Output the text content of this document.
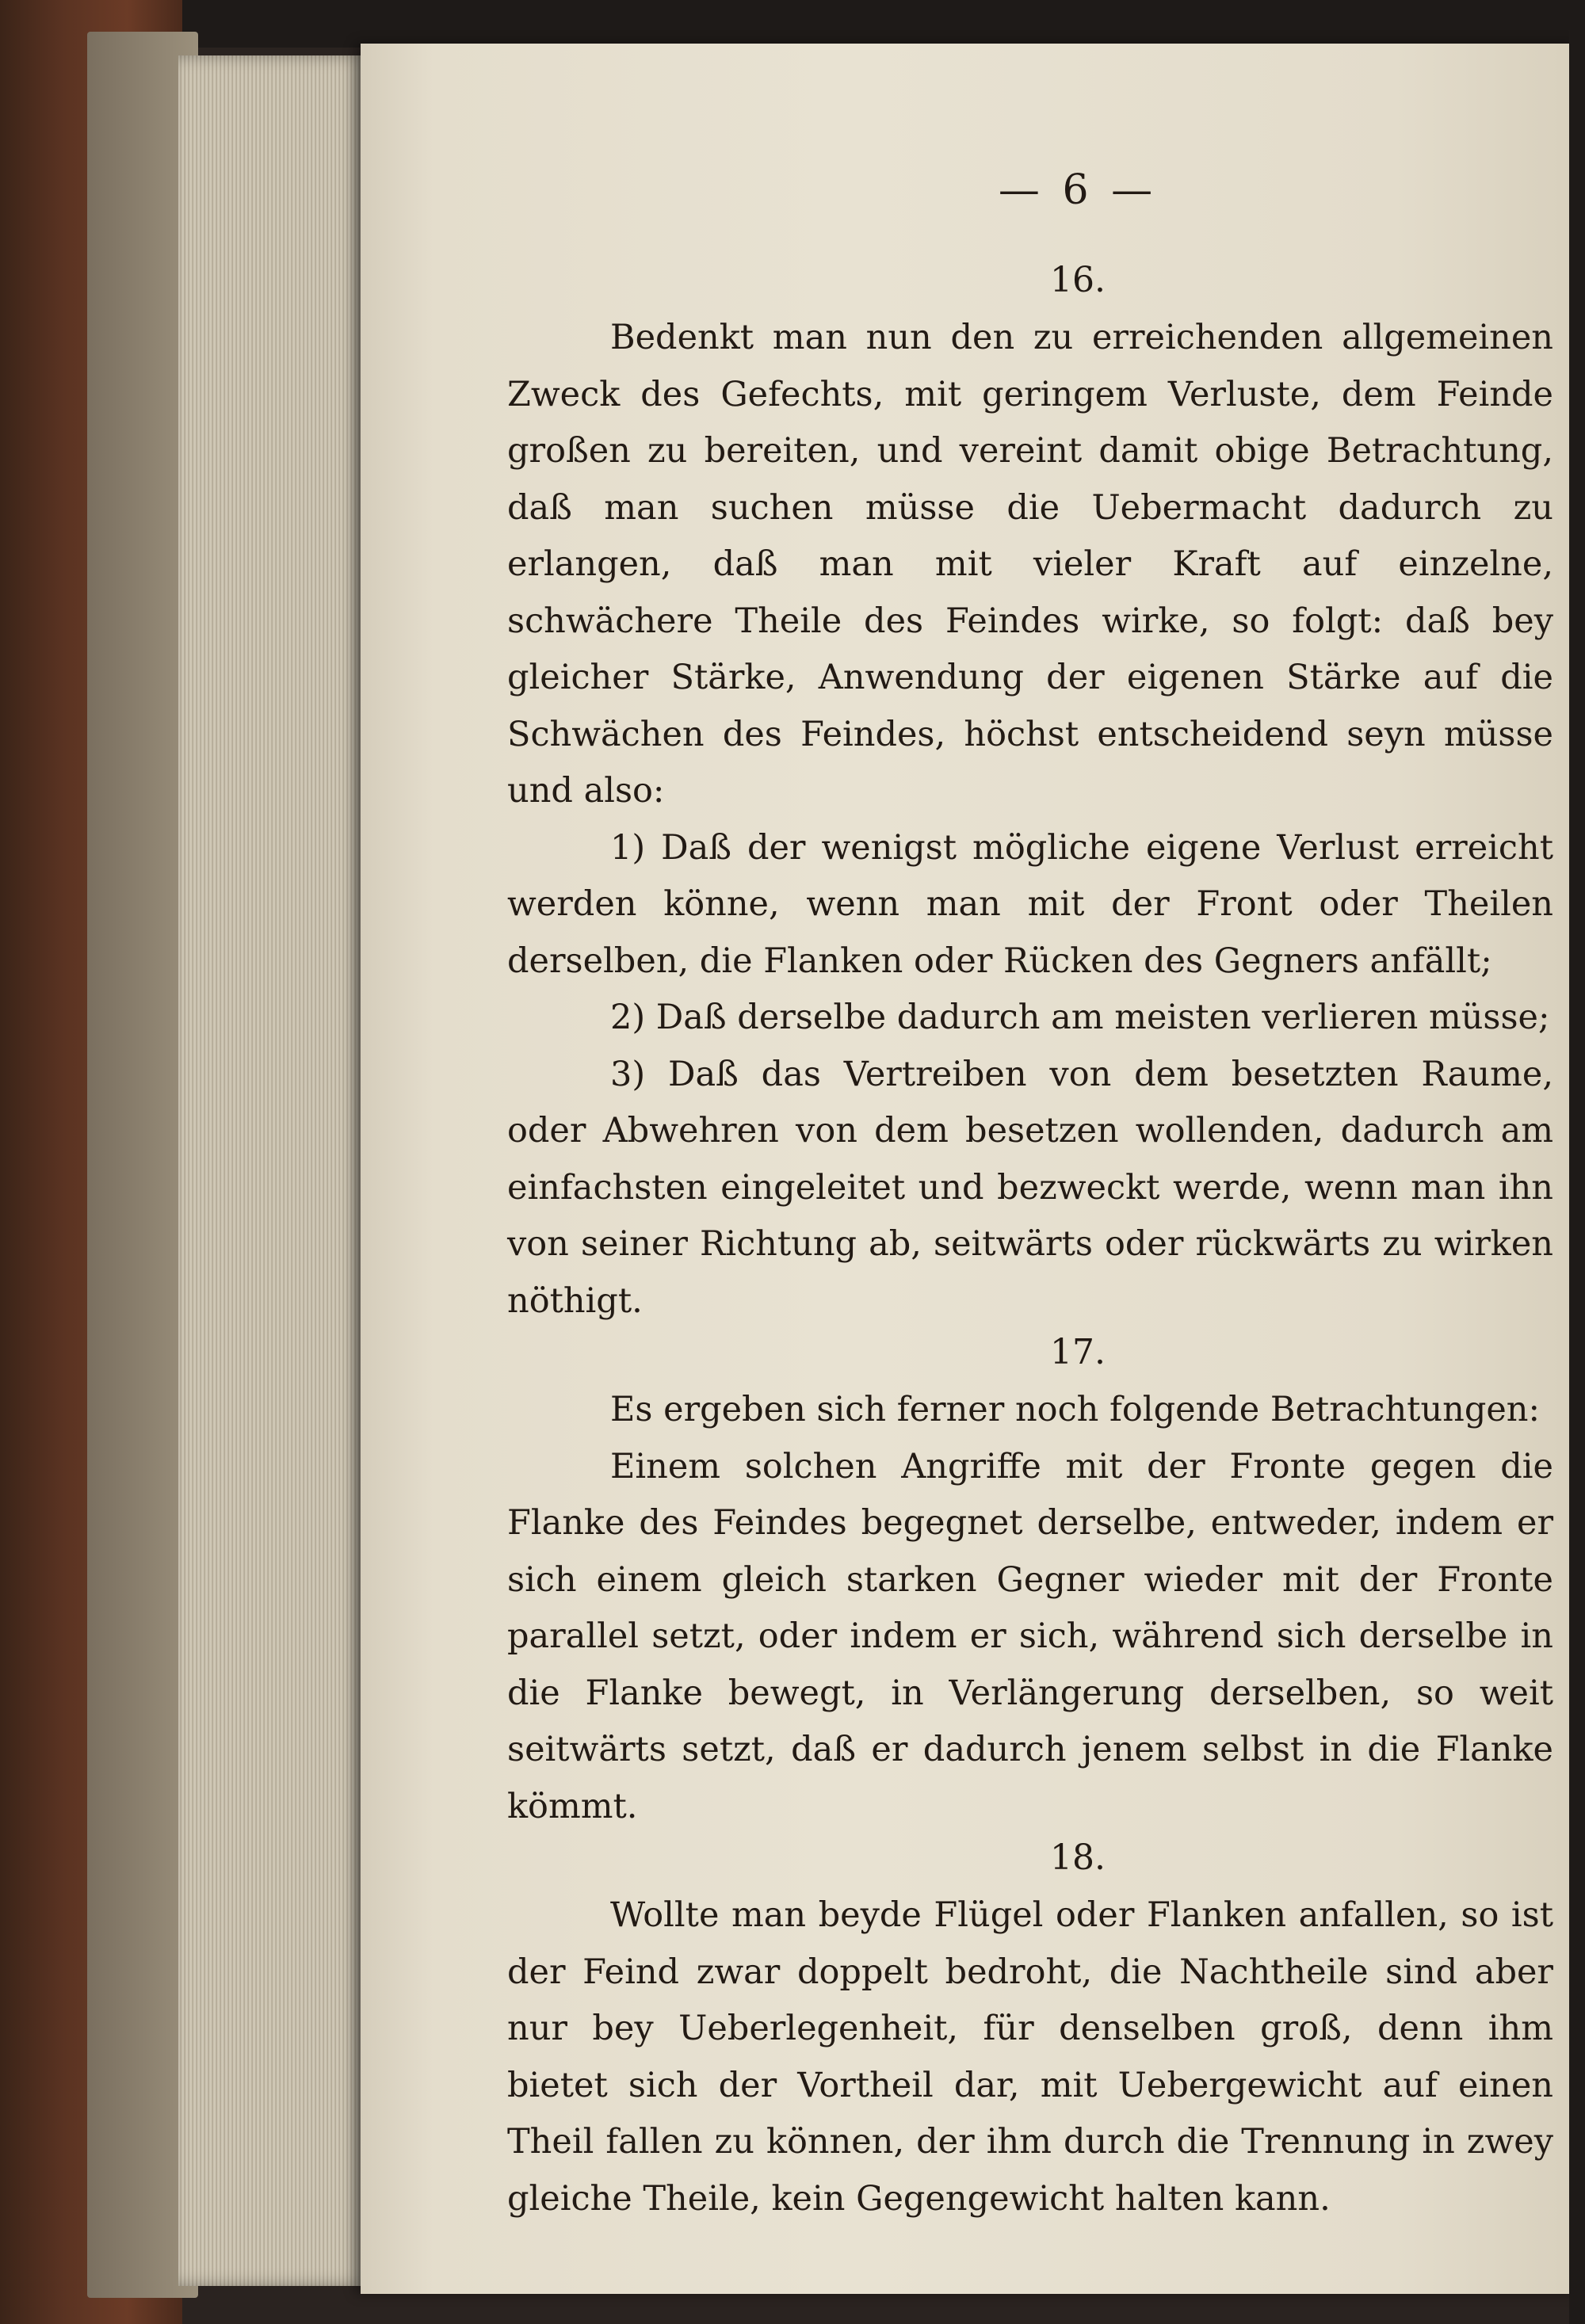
— 6 —
16.

Bedenkt man nun den zu erreichenden allgemeinen Zweck des Gefechts, mit geringem Verluste, dem Feinde großen zu bereiten, und vereint damit obige Betrachtung, daß man suchen müsse die Uebermacht dadurch zu erlangen, daß man mit vieler Kraft auf einzelne, schwächere Theile des Feindes wirke, so folgt: daß bey gleicher Stärke, Anwendung der eigenen Stärke auf die Schwächen des Feindes, höchst entscheidend seyn müsse und also:

1) Daß der wenigst mögliche eigene Verlust erreicht werden könne, wenn man mit der Front oder Theilen derselben, die Flanken oder Rücken des Gegners anfällt;

2) Daß derselbe dadurch am meisten verlieren müsse;

3) Daß das Vertreiben von dem besetzten Raume, oder Abwehren von dem besetzen wollenden, dadurch am einfachsten eingeleitet und bezweckt werde, wenn man ihn von seiner Richtung ab, seitwärts oder rückwärts zu wirken nöthigt.

17.

Es ergeben sich ferner noch folgende Betrachtungen:

Einem solchen Angriffe mit der Fronte gegen die Flanke des Feindes begegnet derselbe, entweder, indem er sich einem gleich starken Gegner wieder mit der Fronte parallel setzt, oder indem er sich, während sich derselbe in die Flanke bewegt, in Verlängerung derselben, so weit seitwärts setzt, daß er dadurch jenem selbst in die Flanke kömmt.

18.

Wollte man beyde Flügel oder Flanken anfallen, so ist der Feind zwar doppelt bedroht, die Nachtheile sind aber nur bey Ueberlegenheit, für denselben groß, denn ihm bietet sich der Vortheil dar, mit Uebergewicht auf einen Theil fallen zu können, der ihm durch die Trennung in zwey gleiche Theile, kein Gegengewicht halten kann.
